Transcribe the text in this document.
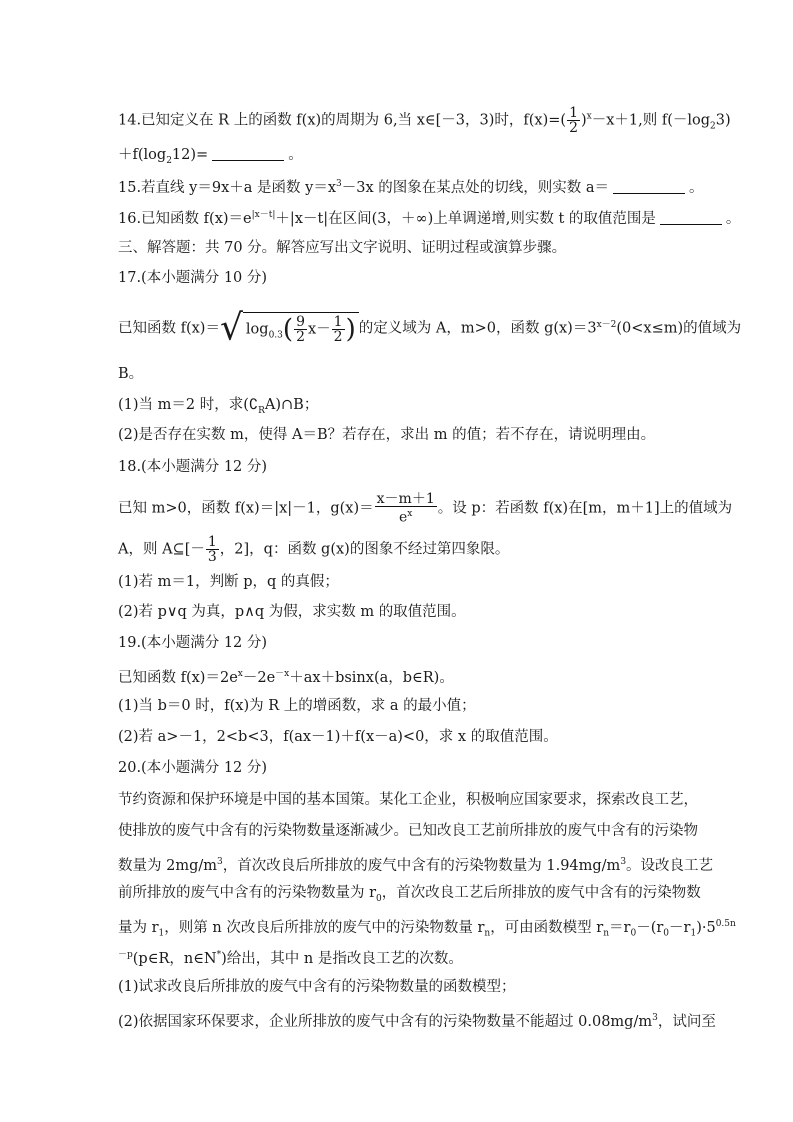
14.已知定义在 R 上的函数 f(x)的周期为 6,当 x∈[－3，3)时，$f(x)=( \frac{1}{2} )^x-x+1$,则 $f(-\log_23)$
$+f(\log_212)=$	。
15.若直线 y＝9x＋a 是函数 $y=x^3-3x$ 的图象在某点处的切线，则实数 a＝	。
16.已知函数 $f(x)=e^{|x-t|}+|x-t|$在区间(3，＋∞)上单调递增,则实数 t 的取值范围是	。
三、解答题：共 70 分。解答应写出文字说明、证明过程或演算步骤。
17.(本小题满分 10 分)
已知函数 f(x)＝√ $\log_{0.3}( \frac{9}{2} x- \frac{1}{2}$ ) 的定义域为 A，m>0，函数 $g(x)=3^{x-2}(0<x\le m)$的值域为
B。
(1)当 m＝2 时，求$(∁_RA)\cap B$；
(2)是否存在实数 m，使得 A＝B？若存在，求出 m 的值；若不存在，请说明理由。
18.(本小题满分 12 分)
已知 m>0，函数 f(x)＝|x|－1，$g(x)= \frac{x-m+1}{e^x}$ 。设 p：若函数 f(x)在[m，m＋1]上的值域为
A，则 A⊆[－ $\frac{1}{3}$ ，2]，q：函数 g(x)的图象不经过第四象限。
(1)若 m＝1，判断 p，q 的真假；
(2)若 p∨q 为真，p∧q 为假，求实数 m 的取值范围。
19.(本小题满分 12 分)
已知函数 $f(x)=2e^x-2e^{-x}+ax+bsinx(a$，b∈R)。
(1)当 b＝0 时，f(x)为 R 上的增函数，求 a 的最小值；
(2)若 a>－1，2<b<3，f(ax－1)＋f(x－a)<0，求 x 的取值范围。
20.(本小题满分 12 分)
节约资源和保护环境是中国的基本国策。某化工企业，积极响应国家要求，探索改良工艺，
使排放的废气中含有的污染物数量逐渐减少。已知改良工艺前所排放的废气中含有的污染物
数量为 $2mg/m^3$，首次改良后所排放的废气中含有的污染物数量为 $1.94mg/m^3$。设改良工艺
前所排放的废气中含有的污染物数量为 $r_0$，首次改良工艺后所排放的废气中含有的污染物数
量为 $r_1$，则第 n 次改良后所排放的废气中的污染物数量 $r_n$，可由函数模型 $r_n=r_0-(r_0-r_1)\cdot 5^{0.5n}$
$^{-p}$(p∈R，n∈N*)给出，其中 n 是指改良工艺的次数。
(1)试求改良后所排放的废气中含有的污染物数量的函数模型；
(2)依据国家环保要求，企业所排放的废气中含有的污染物数量不能超过 $0.08mg/m^3$，试问至
